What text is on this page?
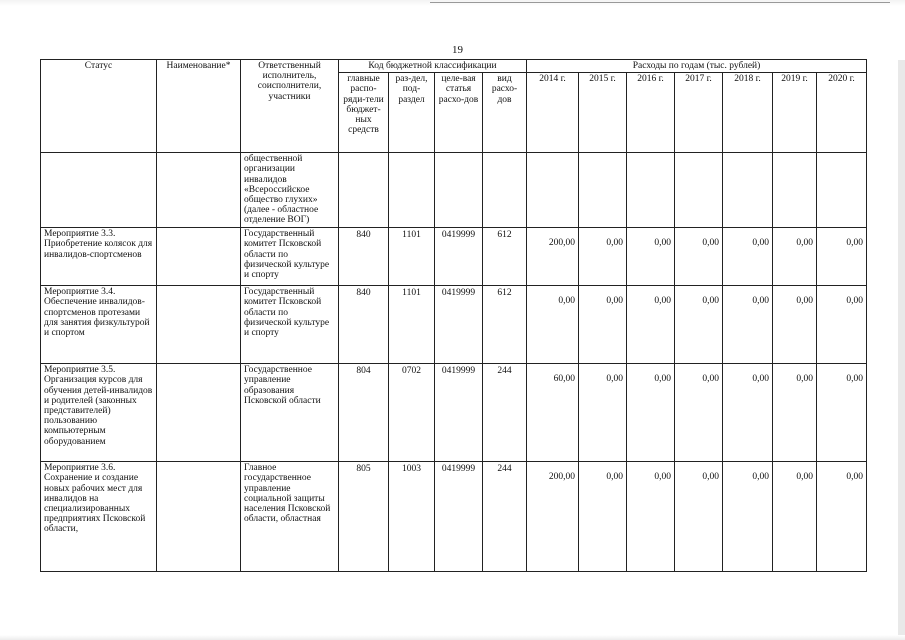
19
Статус	Наименование*	Ответственный исполнитель, соисполнители, участники	Код бюджетной классификации				Расходы по годам (тыс. рублей)						
			главные распо-ряди-тели бюджет-ных средств	раз-дел, под-раздел	целе-вая статья расхо-дов	вид расхо-дов	2014 г.	2015 г.	2016 г.	2017 г.	2018 г.	2019 г.	2020 г.
		общественной организации инвалидов «Всероссийское общество глухих» (далее - областное отделение ВОГ)											
Мероприятие 3.3. Приобретение колясок для инвалидов-спортсменов		Государственный комитет Псковской области по физической культуре и спорту	840	1101	0419999	612	200,00	0,00	0,00	0,00	0,00	0,00	0,00
Мероприятие 3.4. Обеспечение инвалидов-спортсменов протезами для занятия физкультурой и спортом		Государственный комитет Псковской области по физической культуре и спорту	840	1101	0419999	612	0,00	0,00	0,00	0,00	0,00	0,00	0,00
Мероприятие 3.5. Организация курсов для обучения детей-инвалидов и родителей (законных представителей) пользованию компьютерным оборудованием		Государственное управление образования Псковской области	804	0702	0419999	244	60,00	0,00	0,00	0,00	0,00	0,00	0,00
Мероприятие 3.6. Сохранение и создание новых рабочих мест для инвалидов на специализированных предприятиях Псковской области,		Главное государственное управление социальной защиты населения Псковской области, областная	805	1003	0419999	244	200,00	0,00	0,00	0,00	0,00	0,00	0,00
